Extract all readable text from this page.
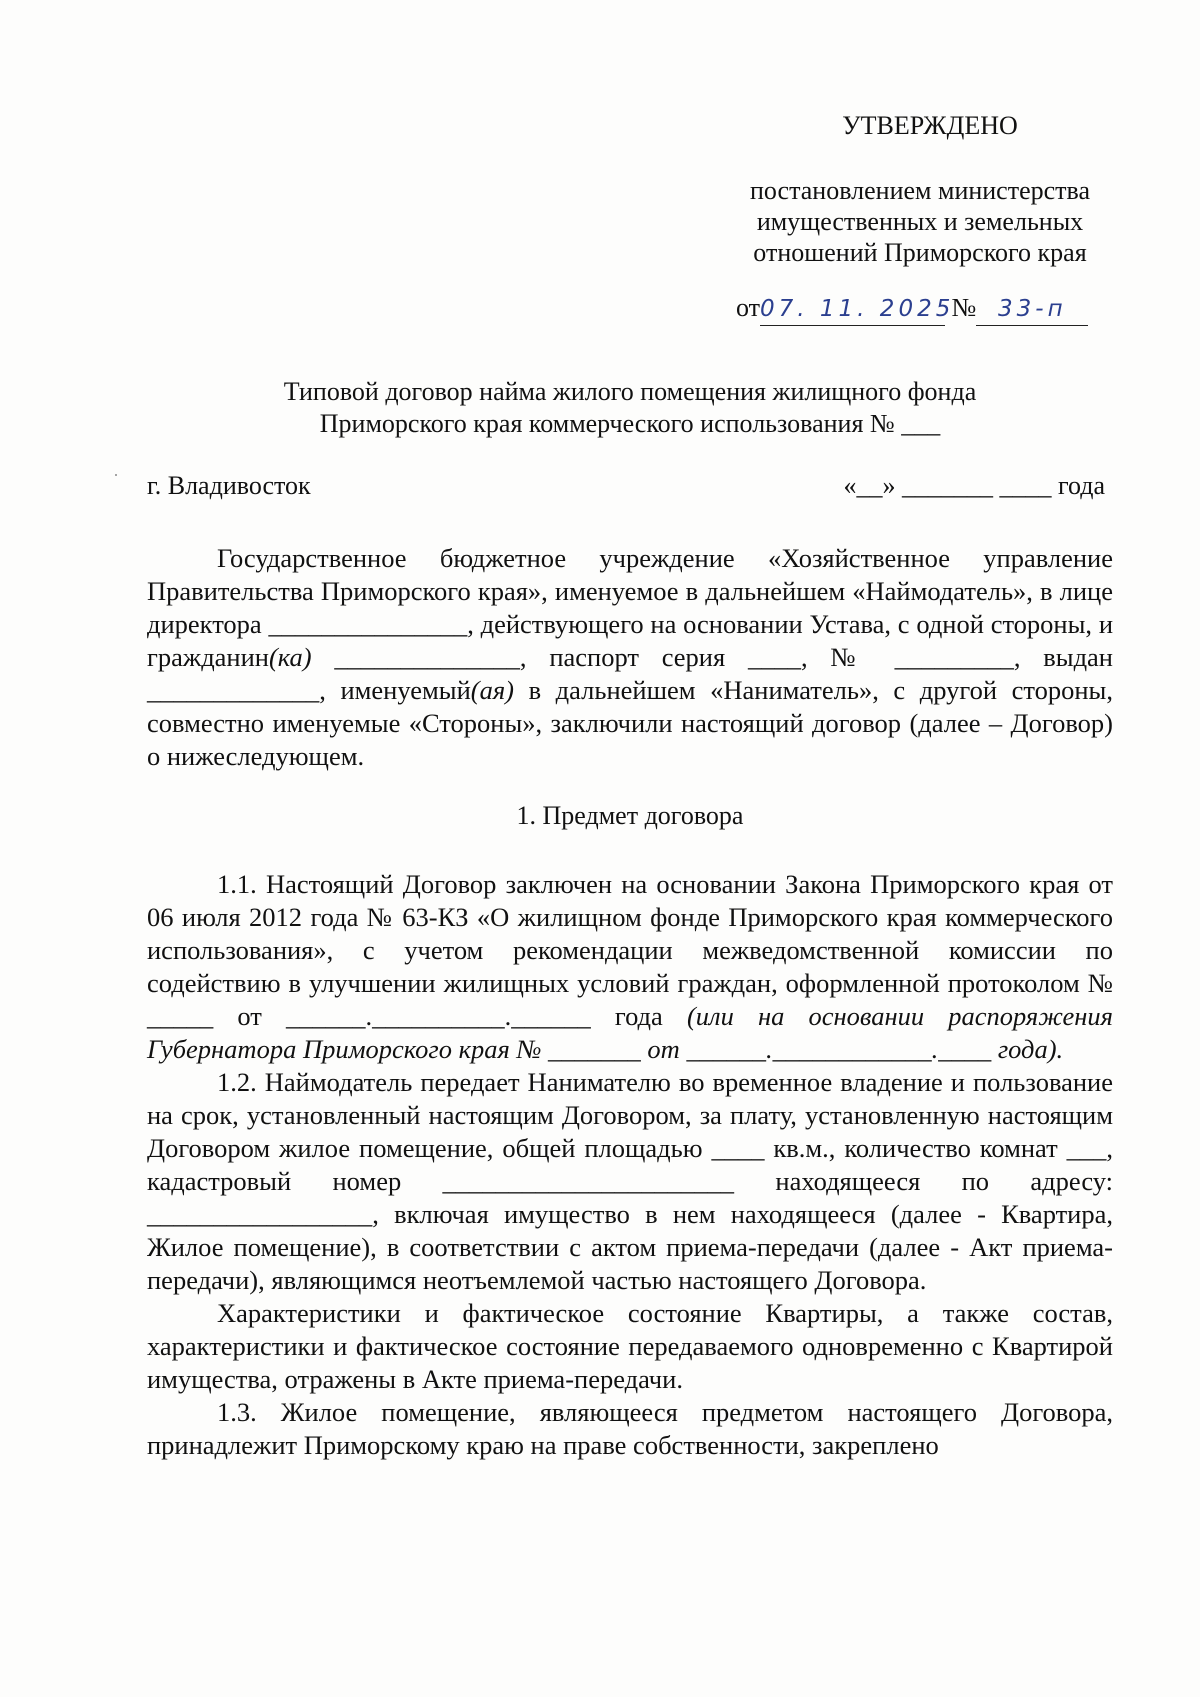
УТВЕРЖДЕНО
постановлением министерства
имущественных и земельных
отношений Приморского края
от07. 11. 2025 № 33-п
Типовой договор найма жилого помещения жилищного фонда
Приморского края коммерческого использования № ___
г. Владивосток	«__» _______ ____ года

Государственное бюджетное учреждение «Хозяйственное управление Правительства Приморского края», именуемое в дальнейшем «Наймодатель», в лице директора _______________, действующего на основании Устава, с одной стороны, и гражданин(ка) ______________, паспорт серия ____, № _________, выдан _____________, именуемый(ая) в дальнейшем «Наниматель», с другой стороны, совместно именуемые «Стороны», заключили настоящий договор (далее – Договор) о нижеследующем.

1. Предмет договора

1.1. Настоящий Договор заключен на основании Закона Приморского края от 06 июля 2012 года № 63-КЗ «О жилищном фонде Приморского края коммерческого использования», с учетом рекомендации межведомственной комиссии по содействию в улучшении жилищных условий граждан, оформленной протоколом № _____ от ______.__________.______ года (или на основании распоряжения Губернатора Приморского края № _______ от ______.____________.____ года).

1.2. Наймодатель передает Нанимателю во временное владение и пользование на срок, установленный настоящим Договором, за плату, установленную настоящим Договором жилое помещение, общей площадью ____ кв.м., количество комнат ___, кадастровый номер ______________________ находящееся по адресу: _________________, включая имущество в нем находящееся (далее - Квартира, Жилое помещение), в соответствии с актом приема-передачи (далее - Акт приема-передачи), являющимся неотъемлемой частью настоящего Договора.

Характеристики и фактическое состояние Квартиры, а также состав, характеристики и фактическое состояние передаваемого одновременно с Квартирой имущества, отражены в Акте приема-передачи.

1.3. Жилое помещение, являющееся предметом настоящего Договора, принадлежит Приморскому краю на праве собственности, закреплено
